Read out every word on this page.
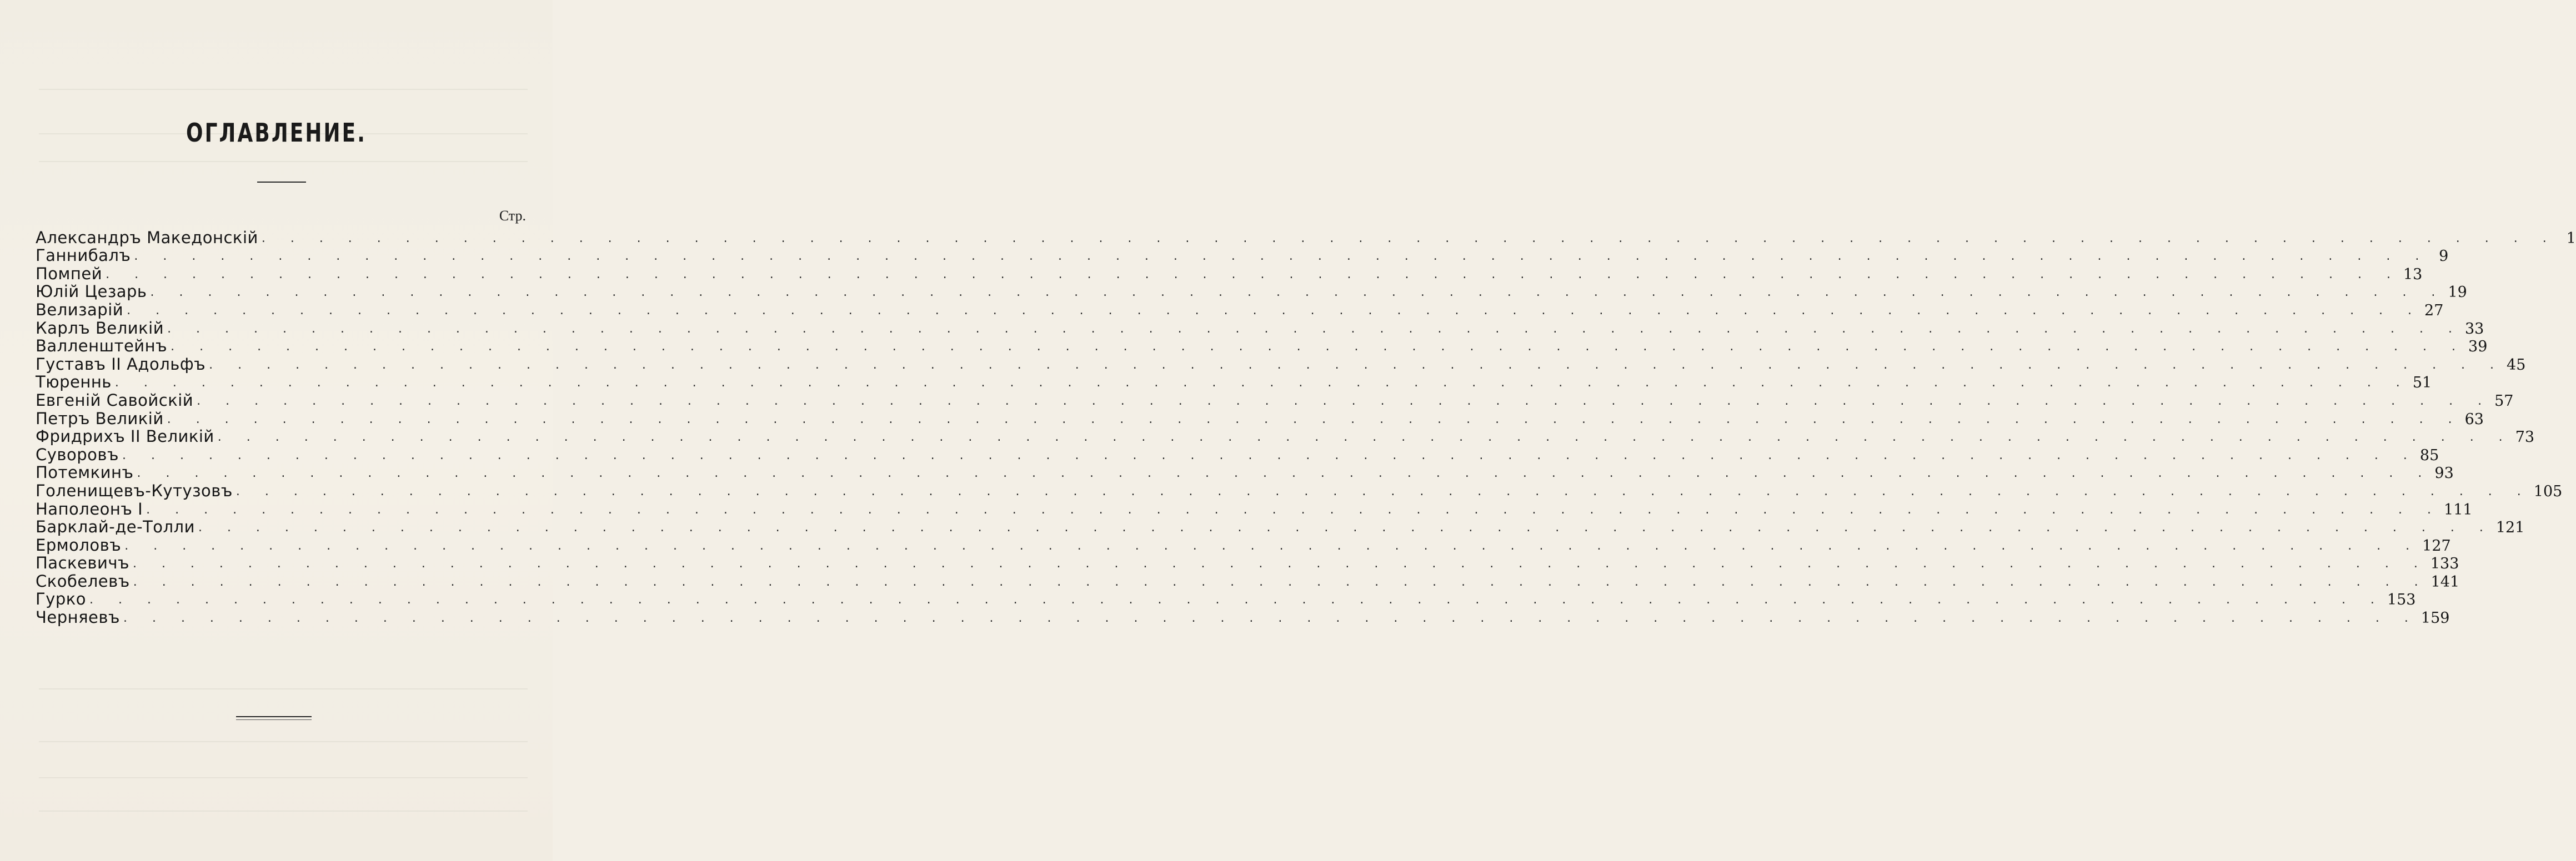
ОГЛАВЛЕНИЕ.
Стр.
Александръ Македонскій . . . . . . . . . . . . . . . . . . . . . . . . . . . . . . . . . . . . . . . . . . . . . . . . . . . . . . . . . . . . . . . . . . . . . . . . . . . . . . . . 1
Ганнибалъ . . . . . . . . . . . . . . . . . . . . . . . . . . . . . . . . . . . . . . . . . . . . . . . . . . . . . . . . . . . . . . . . . . . . . . . . . . . . . . . . 9
Помпей . . . . . . . . . . . . . . . . . . . . . . . . . . . . . . . . . . . . . . . . . . . . . . . . . . . . . . . . . . . . . . . . . . . . . . . . . . . . . . . . 13
Юлій Цезарь . . . . . . . . . . . . . . . . . . . . . . . . . . . . . . . . . . . . . . . . . . . . . . . . . . . . . . . . . . . . . . . . . . . . . . . . . . . . . . . . 19
Велизарій . . . . . . . . . . . . . . . . . . . . . . . . . . . . . . . . . . . . . . . . . . . . . . . . . . . . . . . . . . . . . . . . . . . . . . . . . . . . . . . . 27
Карлъ Великій . . . . . . . . . . . . . . . . . . . . . . . . . . . . . . . . . . . . . . . . . . . . . . . . . . . . . . . . . . . . . . . . . . . . . . . . . . . . . . . . 33
Валленштейнъ . . . . . . . . . . . . . . . . . . . . . . . . . . . . . . . . . . . . . . . . . . . . . . . . . . . . . . . . . . . . . . . . . . . . . . . . . . . . . . . . 39
Густавъ II Адольфъ . . . . . . . . . . . . . . . . . . . . . . . . . . . . . . . . . . . . . . . . . . . . . . . . . . . . . . . . . . . . . . . . . . . . . . . . . . . . . . . . 45
Тюреннь . . . . . . . . . . . . . . . . . . . . . . . . . . . . . . . . . . . . . . . . . . . . . . . . . . . . . . . . . . . . . . . . . . . . . . . . . . . . . . . . 51
Евгеній Савойскій . . . . . . . . . . . . . . . . . . . . . . . . . . . . . . . . . . . . . . . . . . . . . . . . . . . . . . . . . . . . . . . . . . . . . . . . . . . . . . . . 57
Петръ Великій . . . . . . . . . . . . . . . . . . . . . . . . . . . . . . . . . . . . . . . . . . . . . . . . . . . . . . . . . . . . . . . . . . . . . . . . . . . . . . . . 63
Фридрихъ II Великій . . . . . . . . . . . . . . . . . . . . . . . . . . . . . . . . . . . . . . . . . . . . . . . . . . . . . . . . . . . . . . . . . . . . . . . . . . . . . . . . 73
Суворовъ . . . . . . . . . . . . . . . . . . . . . . . . . . . . . . . . . . . . . . . . . . . . . . . . . . . . . . . . . . . . . . . . . . . . . . . . . . . . . . . . 85
Потемкинъ . . . . . . . . . . . . . . . . . . . . . . . . . . . . . . . . . . . . . . . . . . . . . . . . . . . . . . . . . . . . . . . . . . . . . . . . . . . . . . . . 93
Голенищевъ-Кутузовъ . . . . . . . . . . . . . . . . . . . . . . . . . . . . . . . . . . . . . . . . . . . . . . . . . . . . . . . . . . . . . . . . . . . . . . . . . . . . . . . . 105
Наполеонъ I . . . . . . . . . . . . . . . . . . . . . . . . . . . . . . . . . . . . . . . . . . . . . . . . . . . . . . . . . . . . . . . . . . . . . . . . . . . . . . . . 111
Барклай-де-Толли . . . . . . . . . . . . . . . . . . . . . . . . . . . . . . . . . . . . . . . . . . . . . . . . . . . . . . . . . . . . . . . . . . . . . . . . . . . . . . . . 121
Ермоловъ . . . . . . . . . . . . . . . . . . . . . . . . . . . . . . . . . . . . . . . . . . . . . . . . . . . . . . . . . . . . . . . . . . . . . . . . . . . . . . . . 127
Паскевичъ . . . . . . . . . . . . . . . . . . . . . . . . . . . . . . . . . . . . . . . . . . . . . . . . . . . . . . . . . . . . . . . . . . . . . . . . . . . . . . . . 133
Скобелевъ . . . . . . . . . . . . . . . . . . . . . . . . . . . . . . . . . . . . . . . . . . . . . . . . . . . . . . . . . . . . . . . . . . . . . . . . . . . . . . . . 141
Гурко . . . . . . . . . . . . . . . . . . . . . . . . . . . . . . . . . . . . . . . . . . . . . . . . . . . . . . . . . . . . . . . . . . . . . . . . . . . . . . . . 153
Черняевъ . . . . . . . . . . . . . . . . . . . . . . . . . . . . . . . . . . . . . . . . . . . . . . . . . . . . . . . . . . . . . . . . . . . . . . . . . . . . . . . . 159
